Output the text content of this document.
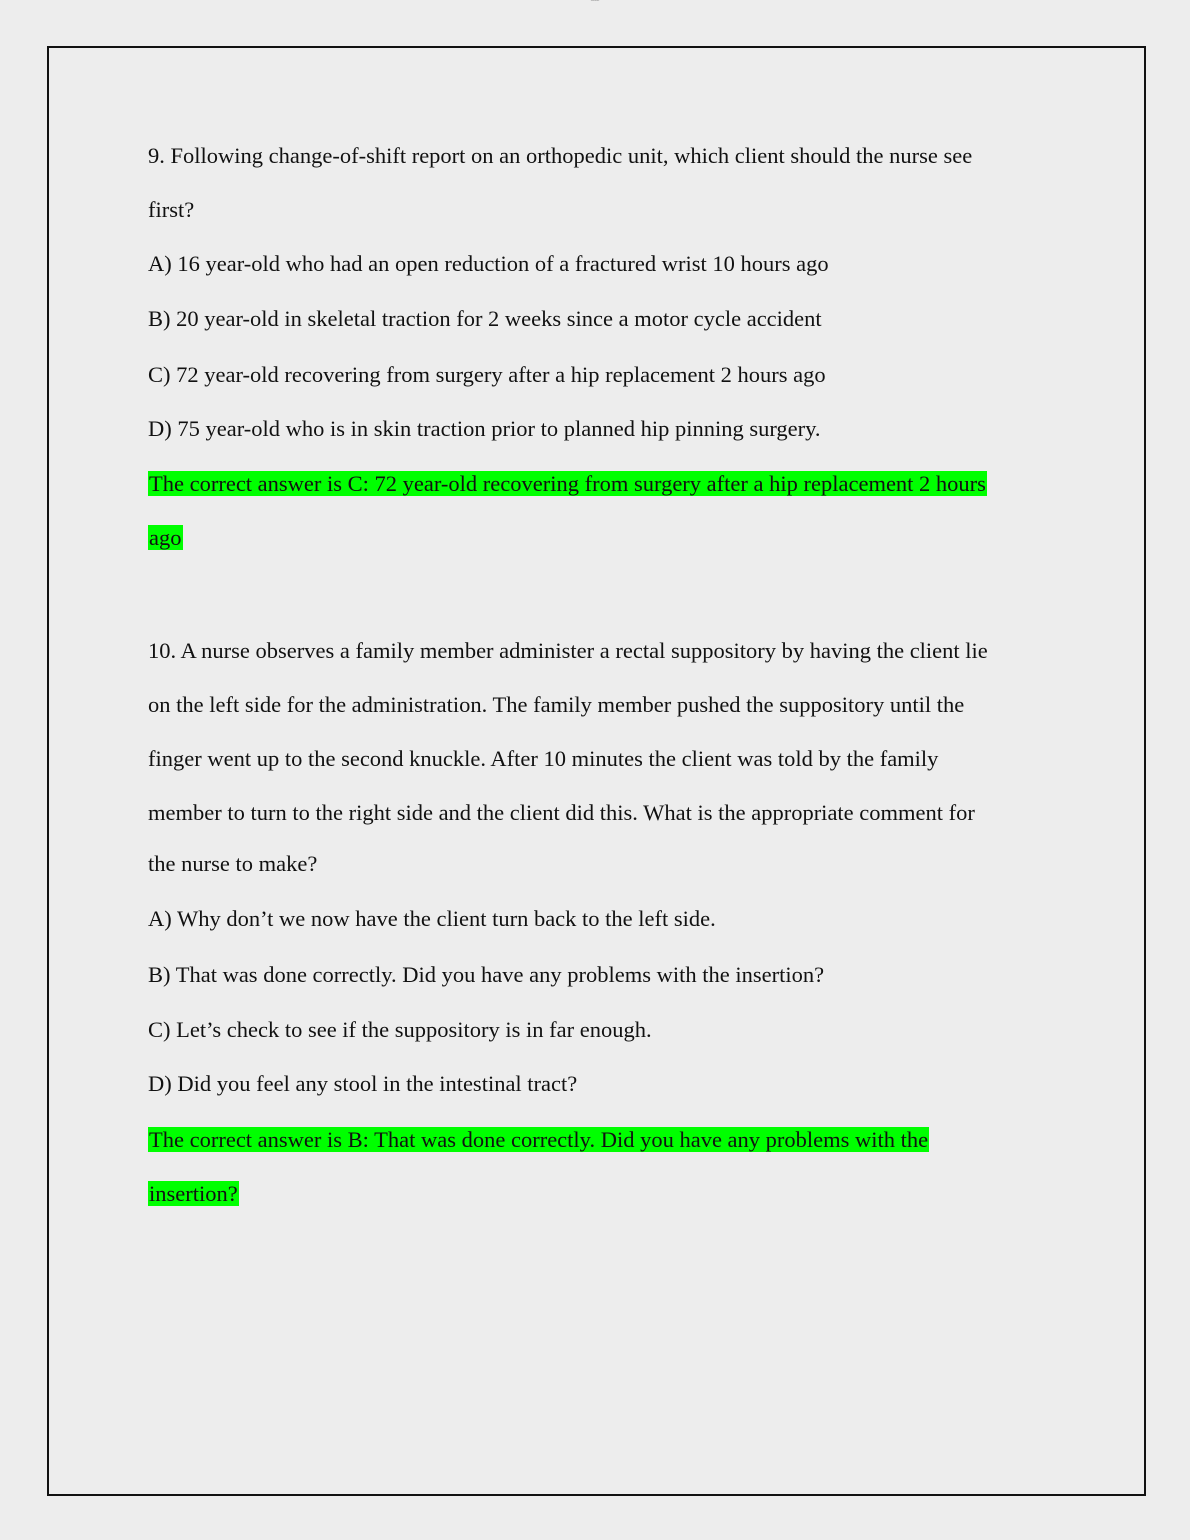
watermark
9. Following change-of-shift report on an orthopedic unit, which client should the nurse see
first?
A) 16 year-old who had an open reduction of a fractured wrist 10 hours ago
B) 20 year-old in skeletal traction for 2 weeks since a motor cycle accident
C) 72 year-old recovering from surgery after a hip replacement 2 hours ago
D) 75 year-old who is in skin traction prior to planned hip pinning surgery.
The correct answer is C: 72 year-old recovering from surgery after a hip replacement 2 hours
ago
10. A nurse observes a family member administer a rectal suppository by having the client lie
on the left side for the administration. The family member pushed the suppository until the
finger went up to the second knuckle. After 10 minutes the client was told by the family
member to turn to the right side and the client did this. What is the appropriate comment for
the nurse to make?
A) Why don’t we now have the client turn back to the left side.
B) That was done correctly. Did you have any problems with the insertion?
C) Let’s check to see if the suppository is in far enough.
D) Did you feel any stool in the intestinal tract?
The correct answer is B: That was done correctly. Did you have any problems with the
insertion?
